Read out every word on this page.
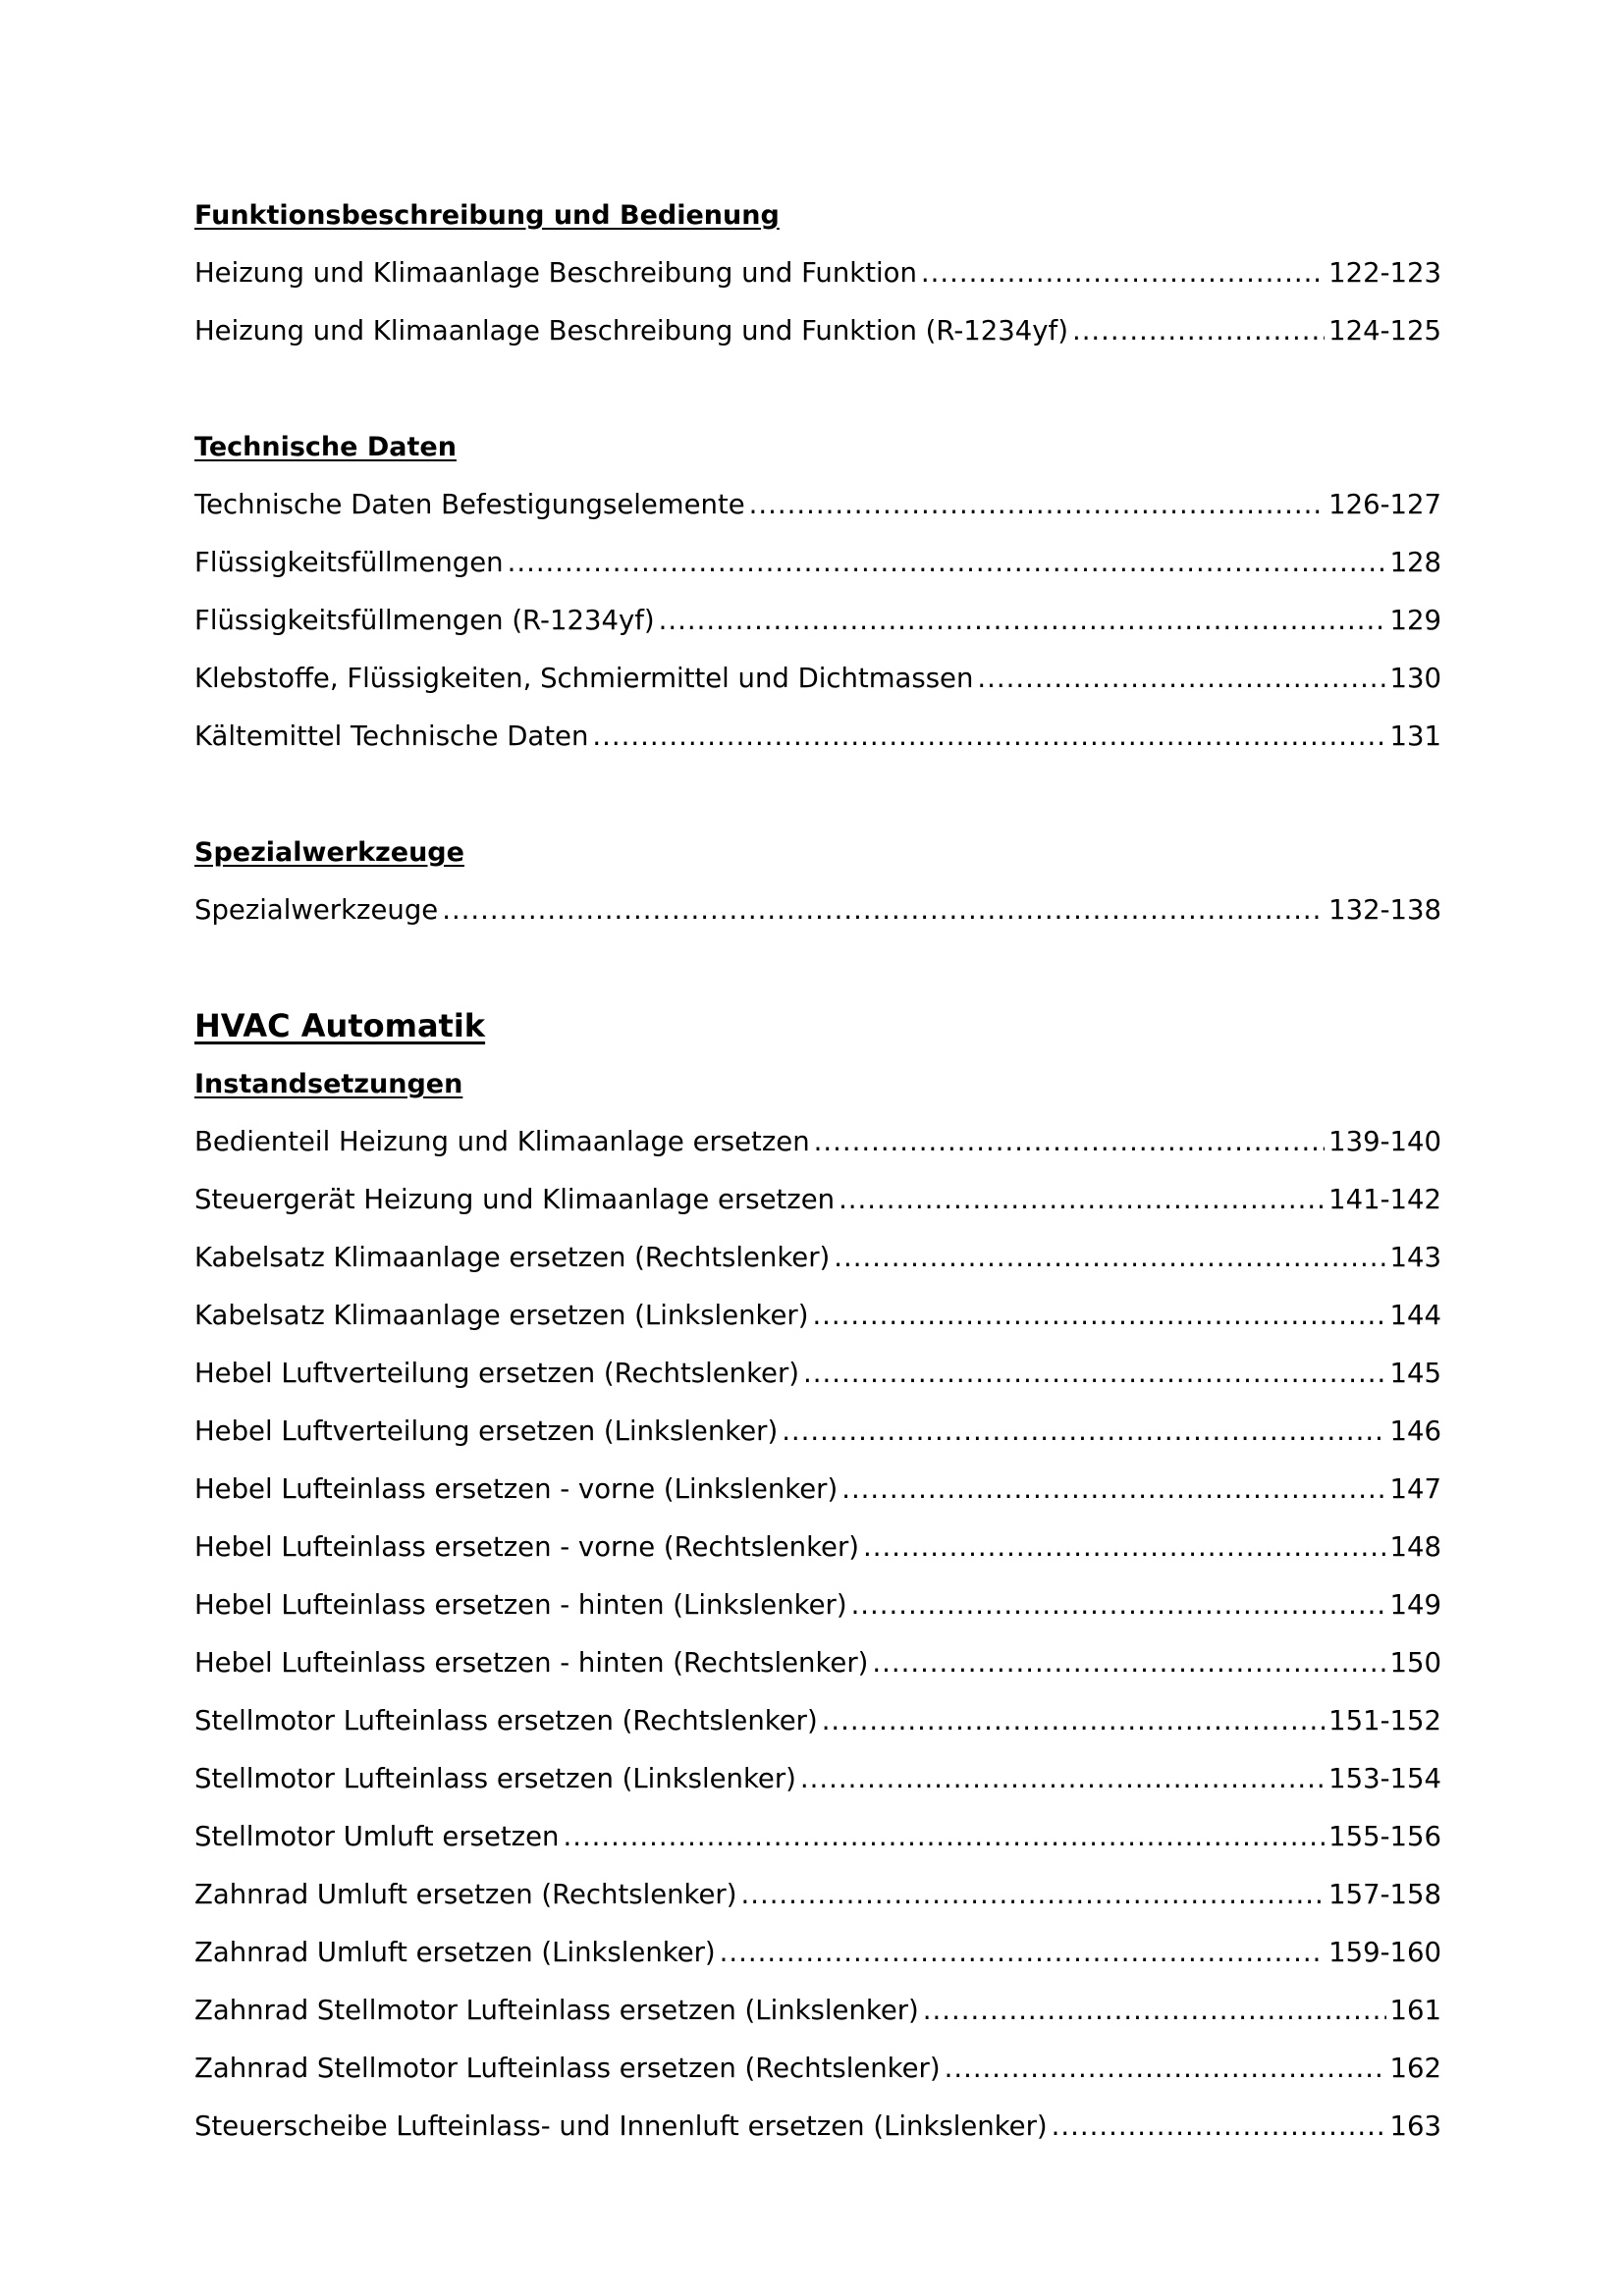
Funktionsbeschreibung und Bedienung
Heizung und Klimaanlage Beschreibung und Funktion .....	122-123
Heizung und Klimaanlage Beschreibung und Funktion (R-1234yf) .....	124-125
Technische Daten
Technische Daten Befestigungselemente .....	126-127
Flüssigkeitsfüllmengen .....	128
Flüssigkeitsfüllmengen (R-1234yf) .....	129
Klebstoffe, Flüssigkeiten, Schmiermittel und Dichtmassen .....	130
Kältemittel Technische Daten .....	131
Spezialwerkzeuge
Spezialwerkzeuge .....	132-138
HVAC Automatik
Instandsetzungen
Bedienteil Heizung und Klimaanlage ersetzen .....	139-140
Steuergerät Heizung und Klimaanlage ersetzen .....	141-142
Kabelsatz Klimaanlage ersetzen (Rechtslenker) .....	143
Kabelsatz Klimaanlage ersetzen (Linkslenker) .....	144
Hebel Luftverteilung ersetzen (Rechtslenker) .....	145
Hebel Luftverteilung ersetzen (Linkslenker) .....	146
Hebel Lufteinlass ersetzen - vorne (Linkslenker) .....	147
Hebel Lufteinlass ersetzen - vorne (Rechtslenker) .....	148
Hebel Lufteinlass ersetzen - hinten (Linkslenker) .....	149
Hebel Lufteinlass ersetzen - hinten (Rechtslenker) .....	150
Stellmotor Lufteinlass ersetzen (Rechtslenker) .....	151-152
Stellmotor Lufteinlass ersetzen (Linkslenker) .....	153-154
Stellmotor Umluft ersetzen .....	155-156
Zahnrad Umluft ersetzen (Rechtslenker) .....	157-158
Zahnrad Umluft ersetzen (Linkslenker) .....	159-160
Zahnrad Stellmotor Lufteinlass ersetzen (Linkslenker) .....	161
Zahnrad Stellmotor Lufteinlass ersetzen (Rechtslenker) .....	162
Steuerscheibe Lufteinlass- und Innenluft ersetzen (Linkslenker) .....	163
